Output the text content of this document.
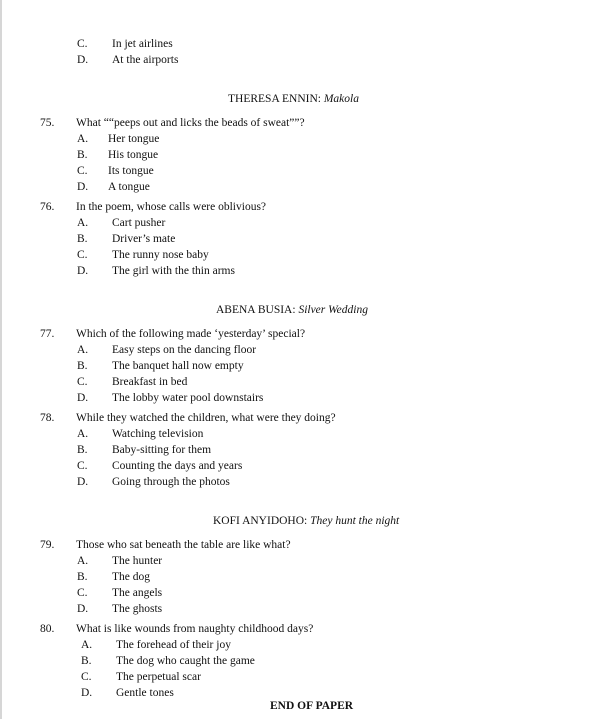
C. In jet airlines
D. At the airports
THERESA ENNIN: Makola
75. What ““peeps out and licks the beads of sweat””?
A. Her tongue
B. His tongue
C. Its tongue
D. A tongue
76. In the poem, whose calls were oblivious?
A. Cart pusher
B. Driver’s mate
C. The runny nose baby
D. The girl with the thin arms
ABENA BUSIA: Silver Wedding
77. Which of the following made ‘yesterday’ special?
A. Easy steps on the dancing floor
B. The banquet hall now empty
C. Breakfast in bed
D. The lobby water pool downstairs
78. While they watched the children, what were they doing?
A. Watching television
B. Baby-sitting for them
C. Counting the days and years
D. Going through the photos
KOFI ANYIDOHO: They hunt the night
79. Those who sat beneath the table are like what?
A. The hunter
B. The dog
C. The angels
D. The ghosts
80. What is like wounds from naughty childhood days?
A. The forehead of their joy
B. The dog who caught the game
C. The perpetual scar
D. Gentle tones
END OF PAPER
